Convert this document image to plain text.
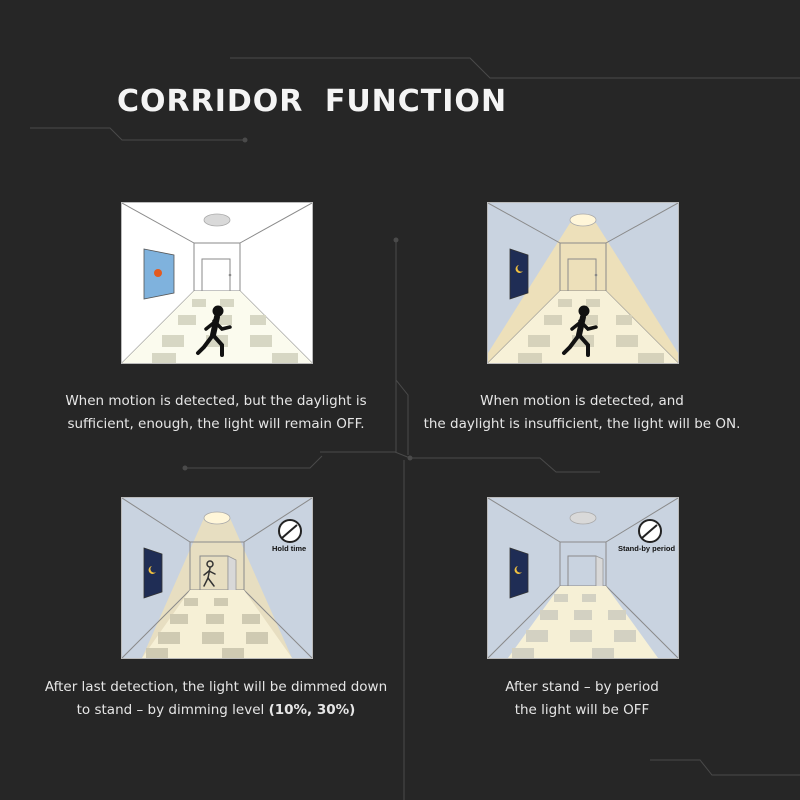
CORRIDOR FUNCTION
When motion is detected, but the daylight is
sufficient, enough, the light will remain OFF.
When motion is detected, and
the daylight is insufficient, the light will be ON.
Hold time
After last detection, the light will be dimmed down
to stand – by dimming level (10%, 30%)
Stand-by period
After stand – by period
the light will be OFF
